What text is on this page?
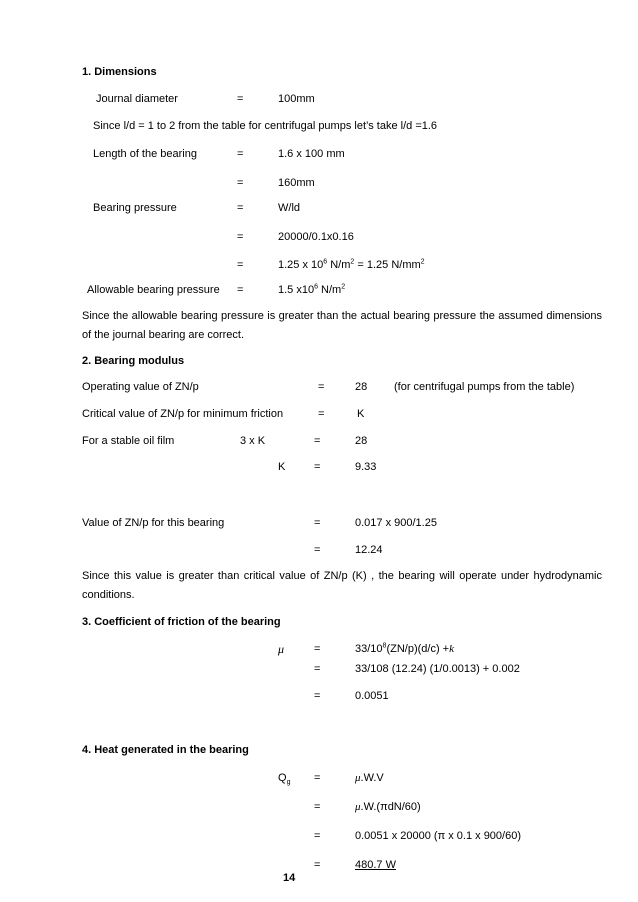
1. Dimensions
Journal diameter	=	100mm
Since l/d = 1 to 2 from the table for centrifugal pumps let’s take l/d =1.6
Length of the bearing	=	1.6 x 100 mm
=	160mm
Bearing pressure	=	W/ld
=	20000/0.1x0.16
=	1.25 x $10^6$ $N/m^2 = 1.25$ $N/mm^2$
Allowable bearing pressure =	1.5 $x10^6$ $N/m^2$
Since the allowable bearing pressure is greater than the actual bearing pressure the assumed dimensions of the journal bearing are correct.
2. Bearing modulus
Operating value of ZN/p	=	28 (for centrifugal pumps from the table)
Critical value of ZN/p for minimum friction	=	K
For a stable oil film	3 x K	=	28
K	=	9.33
Value of ZN/p for this bearing	=	0.017 x 900/1.25
=	12.24
Since this value is greater than critical value of ZN/p (K) , the bearing will operate under hydrodynamic conditions.
3. Coefficient of friction of the bearing
μ	=	$33/10^8(ZN/p)(d/c) +k$
=	33/108 (12.24) (1/0.0013) + 0.002
=	0.0051
4. Heat generated in the bearing
$Q_g$ =	μ.W.V
=	μ.W.(πdN/60)
=	0.0051 x 20000 (π x 0.1 x 900/60)
=	480.7 W
14
